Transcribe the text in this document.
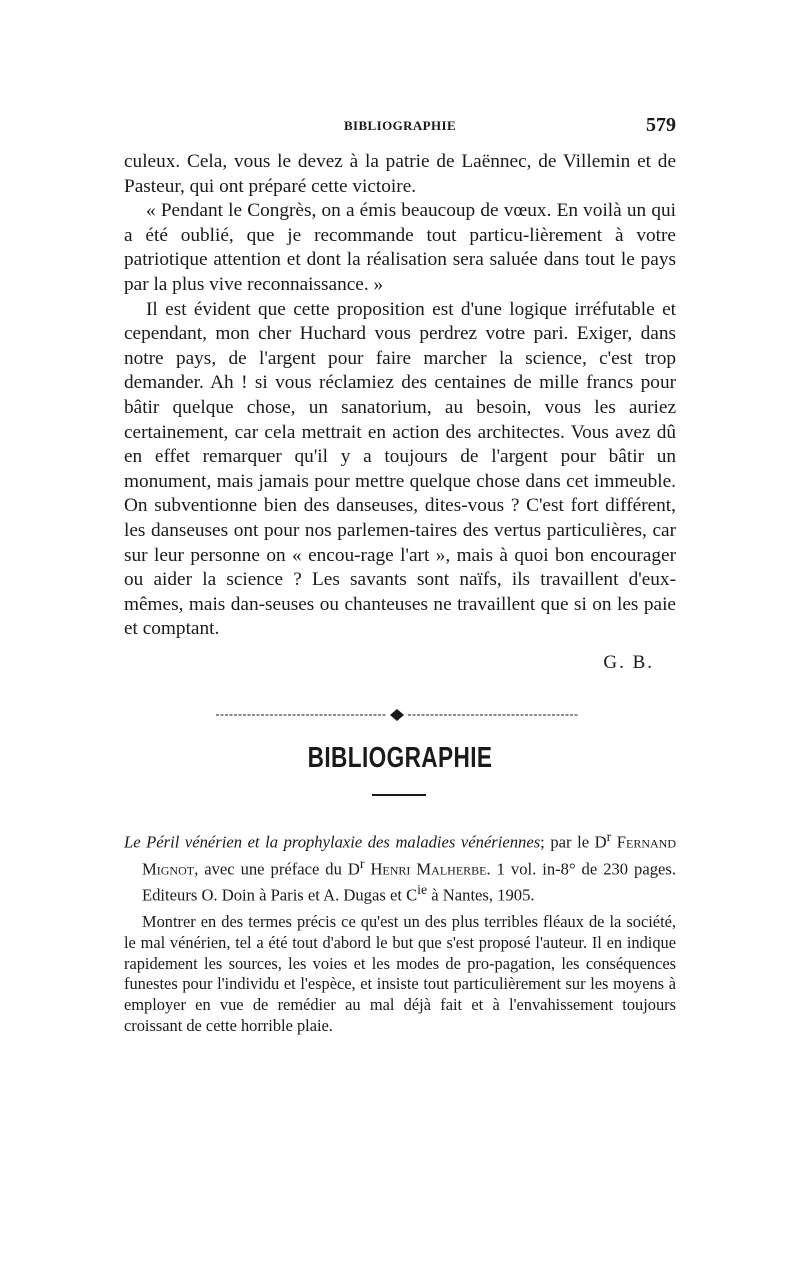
BIBLIOGRAPHIE	579

culeux. Cela, vous le devez à la patrie de Laënnec, de Villemin et de Pasteur, qui ont préparé cette victoire.

« Pendant le Congrès, on a émis beaucoup de vœux. En voilà un qui a été oublié, que je recommande tout particu-lièrement à votre patriotique attention et dont la réalisation sera saluée dans tout le pays par la plus vive reconnaissance. »

Il est évident que cette proposition est d'une logique irréfutable et cependant, mon cher Huchard vous perdrez votre pari. Exiger, dans notre pays, de l'argent pour faire marcher la science, c'est trop demander. Ah ! si vous réclamiez des centaines de mille francs pour bâtir quelque chose, un sanatorium, au besoin, vous les auriez certainement, car cela mettrait en action des architectes. Vous avez dû en effet remarquer qu'il y a toujours de l'argent pour bâtir un monument, mais jamais pour mettre quelque chose dans cet immeuble. On subventionne bien des danseuses, dites-vous ? C'est fort différent, les danseuses ont pour nos parlemen-taires des vertus particulières, car sur leur personne on « encou-rage l'art », mais à quoi bon encourager ou aider la science ? Les savants sont naïfs, ils travaillent d'eux-mêmes, mais dan-seuses ou chanteuses ne travaillent que si on les paie et comptant.

G. B.
BIBLIOGRAPHIE
Le Péril vénérien et la prophylaxie des maladies vénériennes; par le $D^r$ Fernand Mignot, avec une préface du $D^r$ Henri Malherbe. 1 vol. in-8° de 230 pages. Editeurs O. Doin à Paris et A. Dugas et $C^{ie}$ à Nantes, 1905.
Montrer en des termes précis ce qu'est un des plus terribles fléaux de la société, le mal vénérien, tel a été tout d'abord le but que s'est proposé l'auteur. Il en indique rapidement les sources, les voies et les modes de pro-pagation, les conséquences funestes pour l'individu et l'espèce, et insiste tout particulièrement sur les moyens à employer en vue de remédier au mal déjà fait et à l'envahissement toujours croissant de cette horrible plaie.
